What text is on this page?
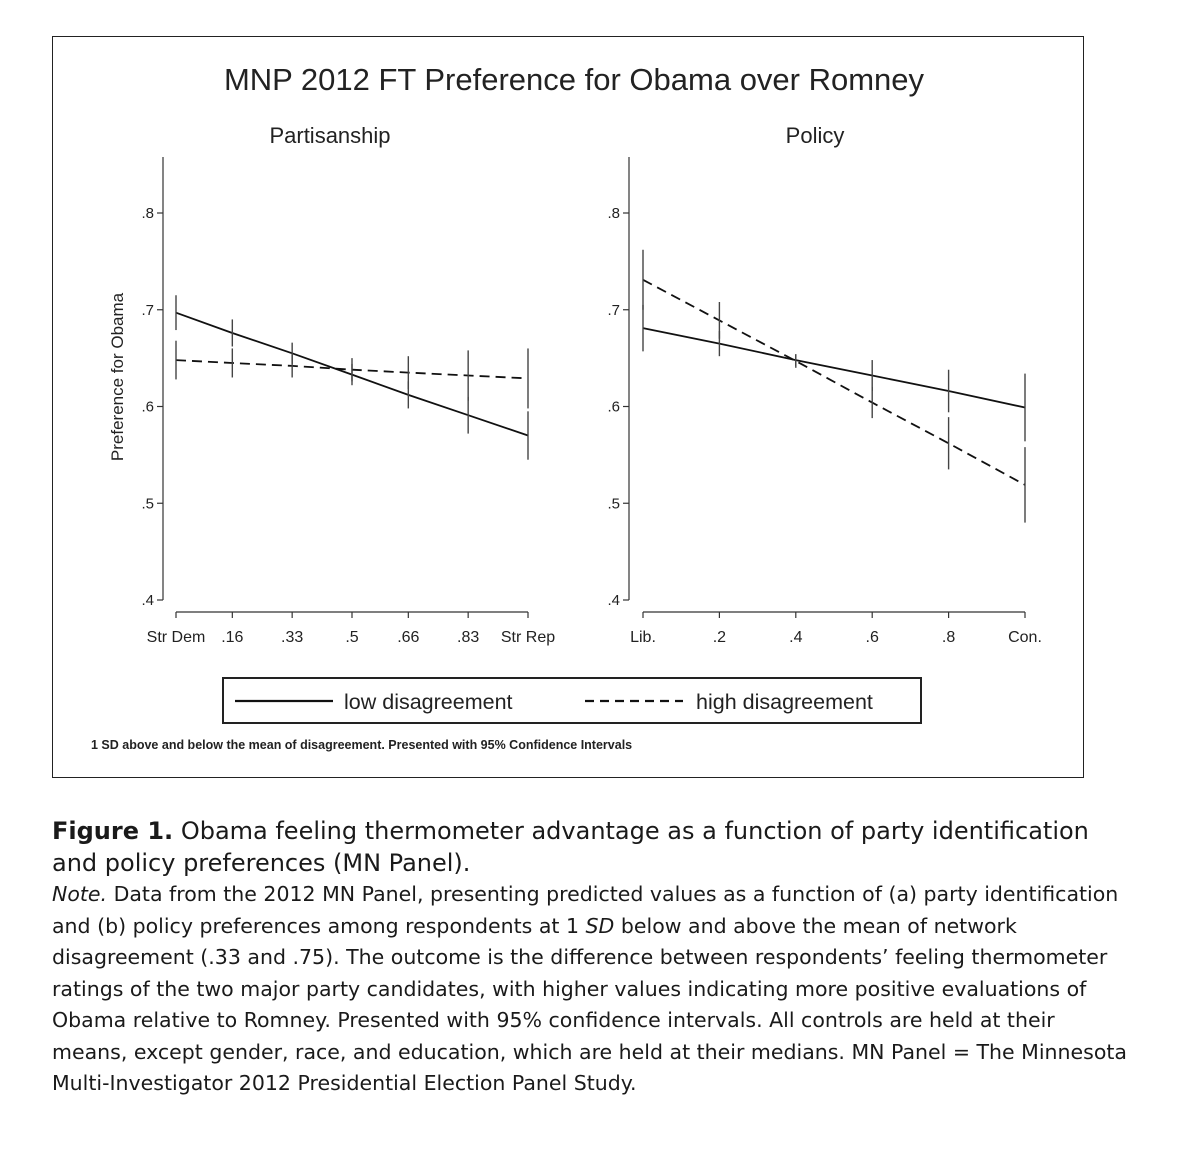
MNP 2012 FT Preference for Obama over Romney
Partisanship	Policy
Preference for Obama
.4
.5
.6
.7
.8
Str Dem .16 .33	.5 .66 .83 Str Rep
.4
.5
.6
.7
.8
Lib.	.2	.4	.6	.8	Con.
low disagreement	high disagreement
1 SD above and below the mean of disagreement. Presented with 95% Confidence Intervals
Figure 1. Obama feeling thermometer advantage as a function of party identification and policy preferences (MN Panel).
Note. Data from the 2012 MN Panel, presenting predicted values as a function of (a) party identification and (b) policy preferences among respondents at 1 SD below and above the mean of network disagreement (.33 and .75). The outcome is the difference between respondents’ feeling thermometer ratings of the two major party candidates, with higher values indicating more positive evaluations of Obama relative to Romney. Presented with 95% confidence intervals. All controls are held at their means, except gender, race, and education, which are held at their medians. MN Panel = The Minnesota Multi-Investigator 2012 Presidential Election Panel Study.
